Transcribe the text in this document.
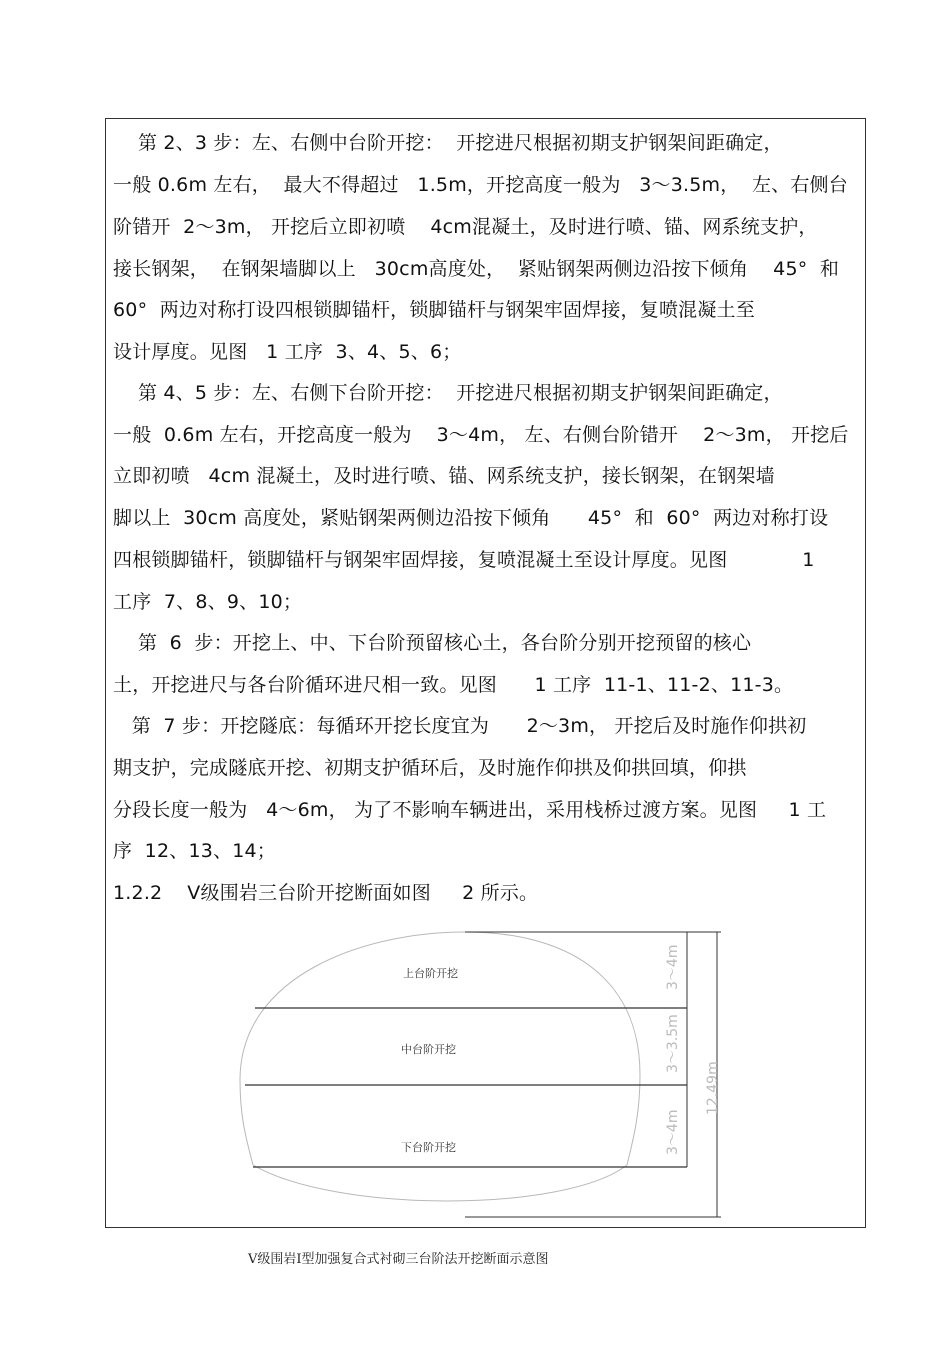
第 2、3 步：左、右侧中台阶开挖：  开挖进尺根据初期支护钢架间距确定，
一般 0.6m 左右，  最大不得超过   1.5m，开挖高度一般为   3～3.5m，  左、右侧台
阶错开  2～3m， 开挖后立即初喷    4cm混凝土，及时进行喷、锚、网系统支护，
接长钢架，  在钢架墙脚以上   30cm高度处，  紧贴钢架两侧边沿按下倾角    45°  和
60°  两边对称打设四根锁脚锚杆，锁脚锚杆与钢架牢固焊接，复喷混凝土至
设计厚度。见图   1 工序  3、4、5、6；
第 4、5 步：左、右侧下台阶开挖：  开挖进尺根据初期支护钢架间距确定，
一般  0.6m 左右，开挖高度一般为    3～4m， 左、右侧台阶错开    2～3m， 开挖后
立即初喷   4cm 混凝土，及时进行喷、锚、网系统支护，接长钢架，在钢架墙
脚以上  30cm 高度处，紧贴钢架两侧边沿按下倾角      45°  和  60°  两边对称打设
四根锁脚锚杆，锁脚锚杆与钢架牢固焊接，复喷混凝土至设计厚度。见图            1
工序  7、8、9、10；
第  6  步：开挖上、中、下台阶预留核心土，各台阶分别开挖预留的核心
土，开挖进尺与各台阶循环进尺相一致。见图      1 工序  11-1、11-2、11-3。
第  7 步：开挖隧底：每循环开挖长度宜为      2～3m， 开挖后及时施作仰拱初
期支护，完成隧底开挖、初期支护循环后，及时施作仰拱及仰拱回填，仰拱
分段长度一般为   4～6m， 为了不影响车辆进出，采用栈桥过渡方案。见图     1 工
序  12、13、14；
1.2.2    Ⅴ级围岩三台阶开挖断面如图     2 所示。
上台阶开挖
中台阶开挖
下台阶开挖
3～4m
3～3.5m
3～4m
12.49m
Ⅴ级围岩Ⅰ型加强复合式衬砌三台阶法开挖断面示意图
